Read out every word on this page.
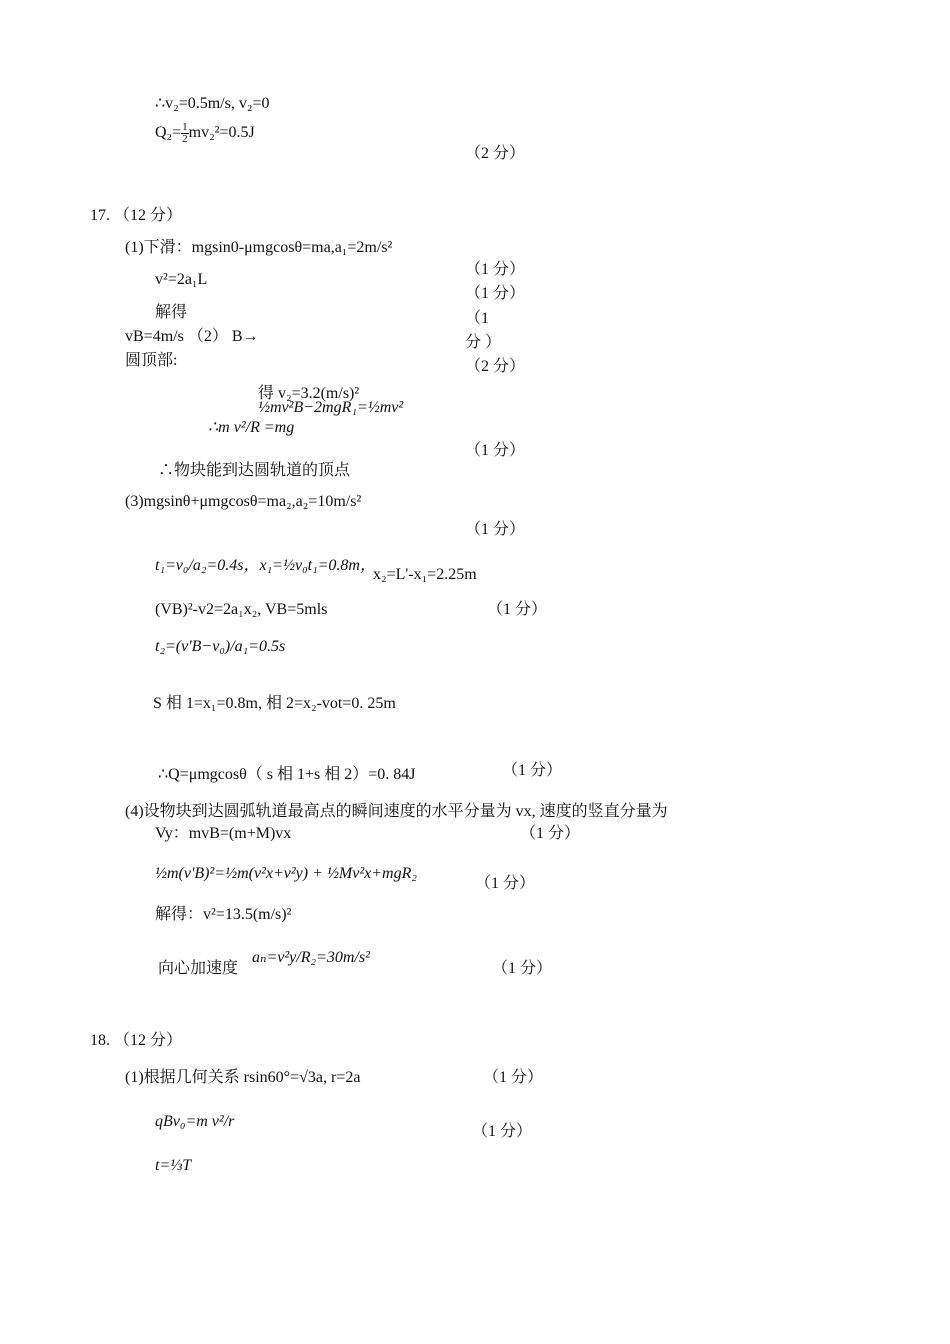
∴v₂=0.5m/s, v₂=0
$Q_2= \frac{1}{2} mv_2^2=0.5J$
（2 分）
17. （12 分）
(1)下滑：mgsin0-μmgcosθ=ma,a₁=2m/s²
（1 分）
v²=2a₁L
（1 分）
解得	（1
vB=4m/s （2） B→	分 ）
圆顶部:	（2 分）
得 v₂=3.2(m/s)²
½mv²B−2mgR₁=½mv²
∴m v²/R =mg
（1 分）
∴物块能到达圆轨道的顶点
(3)mgsinθ+μmgcosθ=ma₂,a₂=10m/s²
（1 分）
t₁=v₀/a₂=0.4s，x₁=½v₀t₁=0.8m，
x₂=L'-x₁=2.25m
(VB)²-v2=2a₁x₂, VB=5mls	（1 分）
t₂=(v'B−v₀)/a₁=0.5s
S 相 1=x₁=0.8m, 相 2=x₂-vot=0. 25m
∴Q=μmgcosθ（ s 相 1+s 相 2）=0. 84J	（1 分）
(4)设物块到达圆弧轨道最高点的瞬间速度的水平分量为 vx, 速度的竖直分量为
Vy：mvB=(m+M)vx	（1 分）
½m(v'B)²=½m(v²x+v²y) + ½Mv²x+mgR₂
（1 分）
解得：v²=13.5(m/s)²
向心加速度
aₙ=v²y/R₂=30m/s²
（1 分）
18. （12 分）
(1)根据几何关系 rsin60°=√3a, r=2a	（1 分）
qBv₀=m v²/r
（1 分）
t=⅓T
